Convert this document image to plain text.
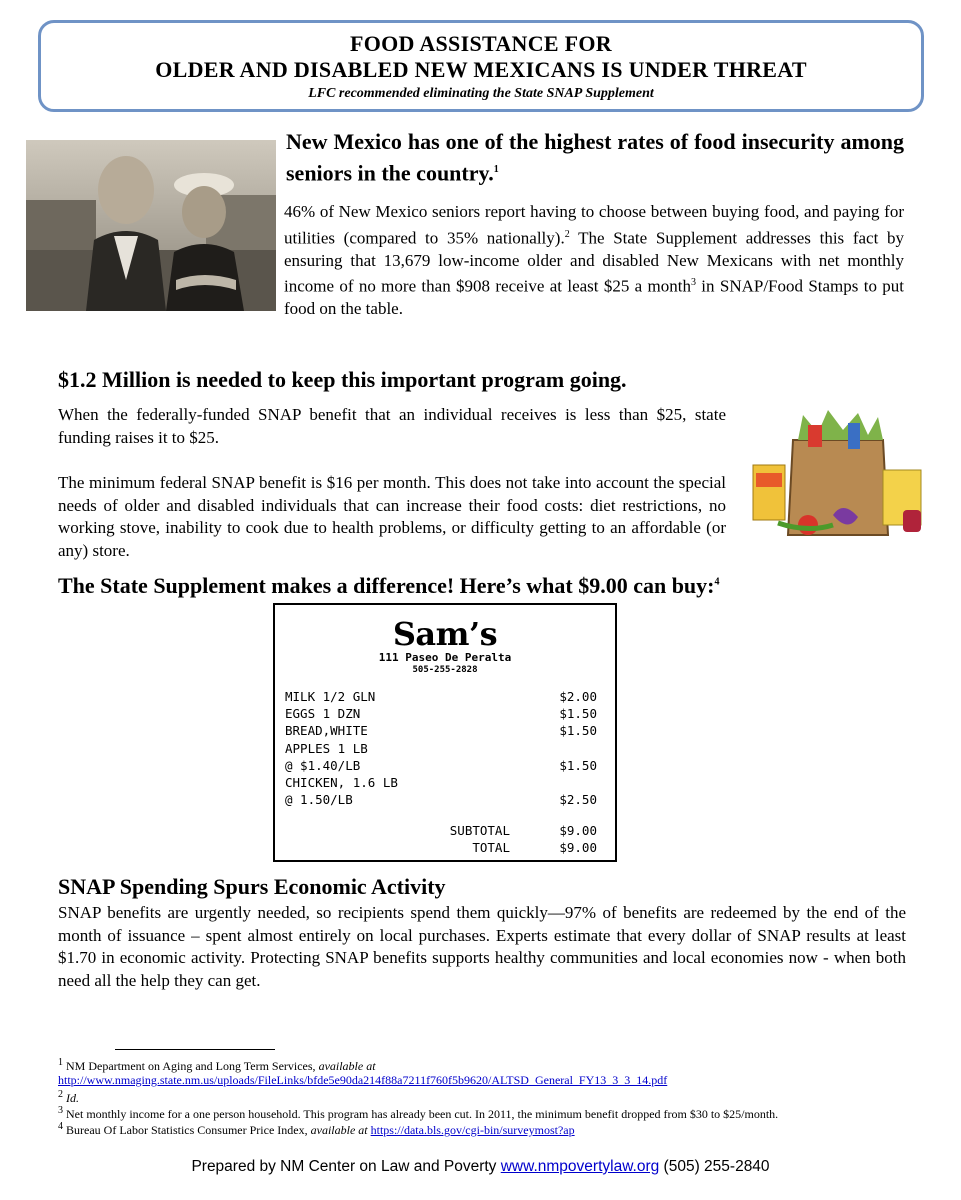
FOOD ASSISTANCE FOR
OLDER AND DISABLED NEW MEXICANS IS UNDER THREAT
LFC recommended eliminating the State SNAP Supplement
New Mexico has one of the highest rates of food insecurity among seniors in the country.$^1$
46% of New Mexico seniors report having to choose between buying food, and paying for utilities (compared to 35% nationally).$^2$ The State Supplement addresses this fact by ensuring that 13,679 low-income older and disabled New Mexicans with net monthly income of no more than $908 receive at least $25 a month$^3$ in SNAP/Food Stamps to put food on the table.
$1.2 Million is needed to keep this important program going.
When the federally-funded SNAP benefit that an individual receives is less than $25, state funding raises it to $25.
The minimum federal SNAP benefit is $16 per month. This does not take into account the special needs of older and disabled individuals that can increase their food costs: diet restrictions, no working stove, inability to cook due to health problems, or difficulty getting to an affordable (or any) store.
The State Supplement makes a difference! Here’s what $9.00 can buy:$^4$
Sam’s
111 Paseo De Peralta
505-255-2828
MILK 1/2 GLN	$2.00
EGGS 1 DZN	$1.50
BREAD,WHITE	$1.50
APPLES 1 LB
@ $1.40/LB	$1.50
CHICKEN, 1.6 LB
@ 1.50/LB	$2.50
SUBTOTAL	$9.00
TOTAL	$9.00
SNAP Spending Spurs Economic Activity
SNAP benefits are urgently needed, so recipients spend them quickly—97% of benefits are redeemed by the end of the month of issuance – spent almost entirely on local purchases. Experts estimate that every dollar of SNAP results at least $1.70 in economic activity. Protecting SNAP benefits supports healthy communities and local economies now - when both need all the help they can get.
$^1$ NM Department on Aging and Long Term Services, available at
http://www.nmaging.state.nm.us/uploads/FileLinks/bfde5e90da214f88a7211f760f5b9620/ALTSD_General_FY13_3_3_14.pdf
$^2$ Id.
$^3$ Net monthly income for a one person household. This program has already been cut. In 2011, the minimum benefit dropped from $30 to $25/month.
$^4$ Bureau Of Labor Statistics Consumer Price Index, available at https://data.bls.gov/cgi-bin/surveymost?ap
Prepared by NM Center on Law and Poverty www.nmpovertylaw.org (505) 255-2840
